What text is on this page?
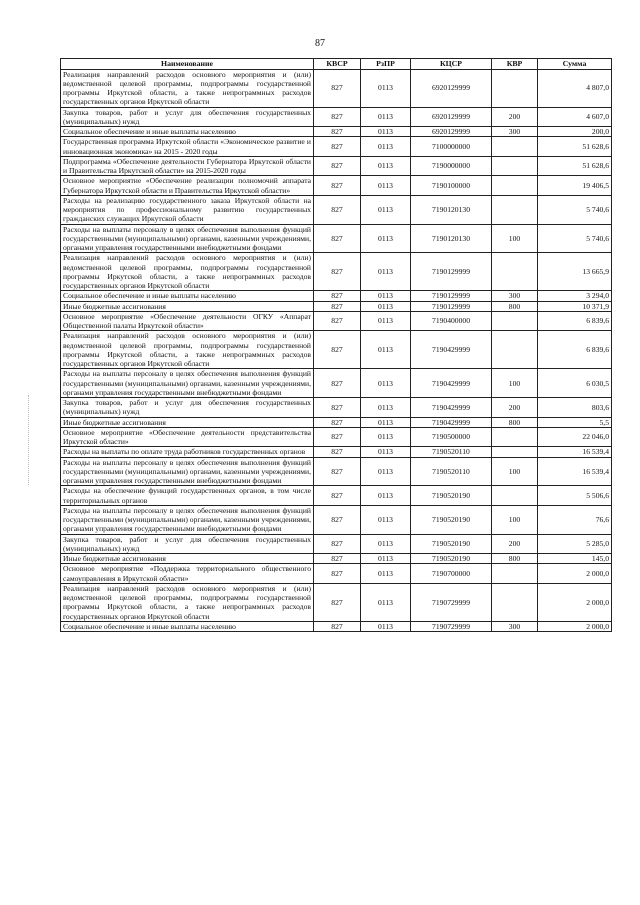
87
Наименование	КВСР	РзПР	КЦСР	КВР	Сумма
Реализация направлений расходов основного мероприятия и (или) ведомственной целевой программы, подпрограммы государственной программы Иркутской области, а также непрограммных расходов государственных органов Иркутской области	827	0113	6920129999		4 807,0
Закупка товаров, работ и услуг для обеспечения государственных (муниципальных) нужд	827	0113	6920129999	200	4 607,0
Социальное обеспечение и иные выплаты населению	827	0113	6920129999	300	200,0
Государственная программа Иркутской области «Экономическое развитие и инновационная экономика» на 2015 - 2020 годы	827	0113	7100000000		51 628,6
Подпрограмма «Обеспечение деятельности Губернатора Иркутской области и Правительства Иркутской области» на 2015-2020 годы	827	0113	7190000000		51 628,6
Основное мероприятие «Обеспечение реализации полномочий аппарата Губернатора Иркутской области и Правительства Иркутской области»	827	0113	7190100000		19 406,5
Расходы на реализацию государственного заказа Иркутской области на мероприятия по профессиональному развитию государственных гражданских служащих Иркутской области	827	0113	7190120130		5 740,6
Расходы на выплаты персоналу в целях обеспечения выполнения функций государственными (муниципальными) органами, казенными учреждениями, органами управления государственными внебюджетными фондами	827	0113	7190120130	100	5 740,6
Реализация направлений расходов основного мероприятия и (или) ведомственной целевой программы, подпрограммы государственной программы Иркутской области, а также непрограммных расходов государственных органов Иркутской области	827	0113	7190129999		13 665,9
Социальное обеспечение и иные выплаты населению	827	0113	7190129999	300	3 294,0
Иные бюджетные ассигнования	827	0113	7190129999	800	10 371,9
Основное мероприятие «Обеспечение деятельности ОГКУ «Аппарат Общественной палаты Иркутской области»	827	0113	7190400000		6 839,6
Реализация направлений расходов основного мероприятия и (или) ведомственной целевой программы, подпрограммы государственной программы Иркутской области, а также непрограммных расходов государственных органов Иркутской области	827	0113	7190429999		6 839,6
Расходы на выплаты персоналу в целях обеспечения выполнения функций государственными (муниципальными) органами, казенными учреждениями, органами управления государственными внебюджетными фондами	827	0113	7190429999	100	6 030,5
Закупка товаров, работ и услуг для обеспечения государственных (муниципальных) нужд	827	0113	7190429999	200	803,6
Иные бюджетные ассигнования	827	0113	7190429999	800	5,5
Основное мероприятие «Обеспечение деятельности представительства Иркутской области»	827	0113	7190500000		22 046,0
Расходы на выплаты по оплате труда работников государственных органов	827	0113	7190520110		16 539,4
Расходы на выплаты персоналу в целях обеспечения выполнения функций государственными (муниципальными) органами, казенными учреждениями, органами управления государственными внебюджетными фондами	827	0113	7190520110	100	16 539,4
Расходы на обеспечение функций государственных органов, в том числе территориальных органов	827	0113	7190520190		5 506,6
Расходы на выплаты персоналу в целях обеспечения выполнения функций государственными (муниципальными) органами, казенными учреждениями, органами управления государственными внебюджетными фондами	827	0113	7190520190	100	76,6
Закупка товаров, работ и услуг для обеспечения государственных (муниципальных) нужд	827	0113	7190520190	200	5 285,0
Иные бюджетные ассигнования	827	0113	7190520190	800	145,0
Основное мероприятие «Поддержка территориального общественного самоуправления в Иркутской области»	827	0113	7190700000		2 000,0
Реализация направлений расходов основного мероприятия и (или) ведомственной целевой программы, подпрограммы государственной программы Иркутской области, а также непрограммных расходов государственных органов Иркутской области	827	0113	7190729999		2 000,0
Социальное обеспечение и иные выплаты населению	827	0113	7190729999	300	2 000,0
